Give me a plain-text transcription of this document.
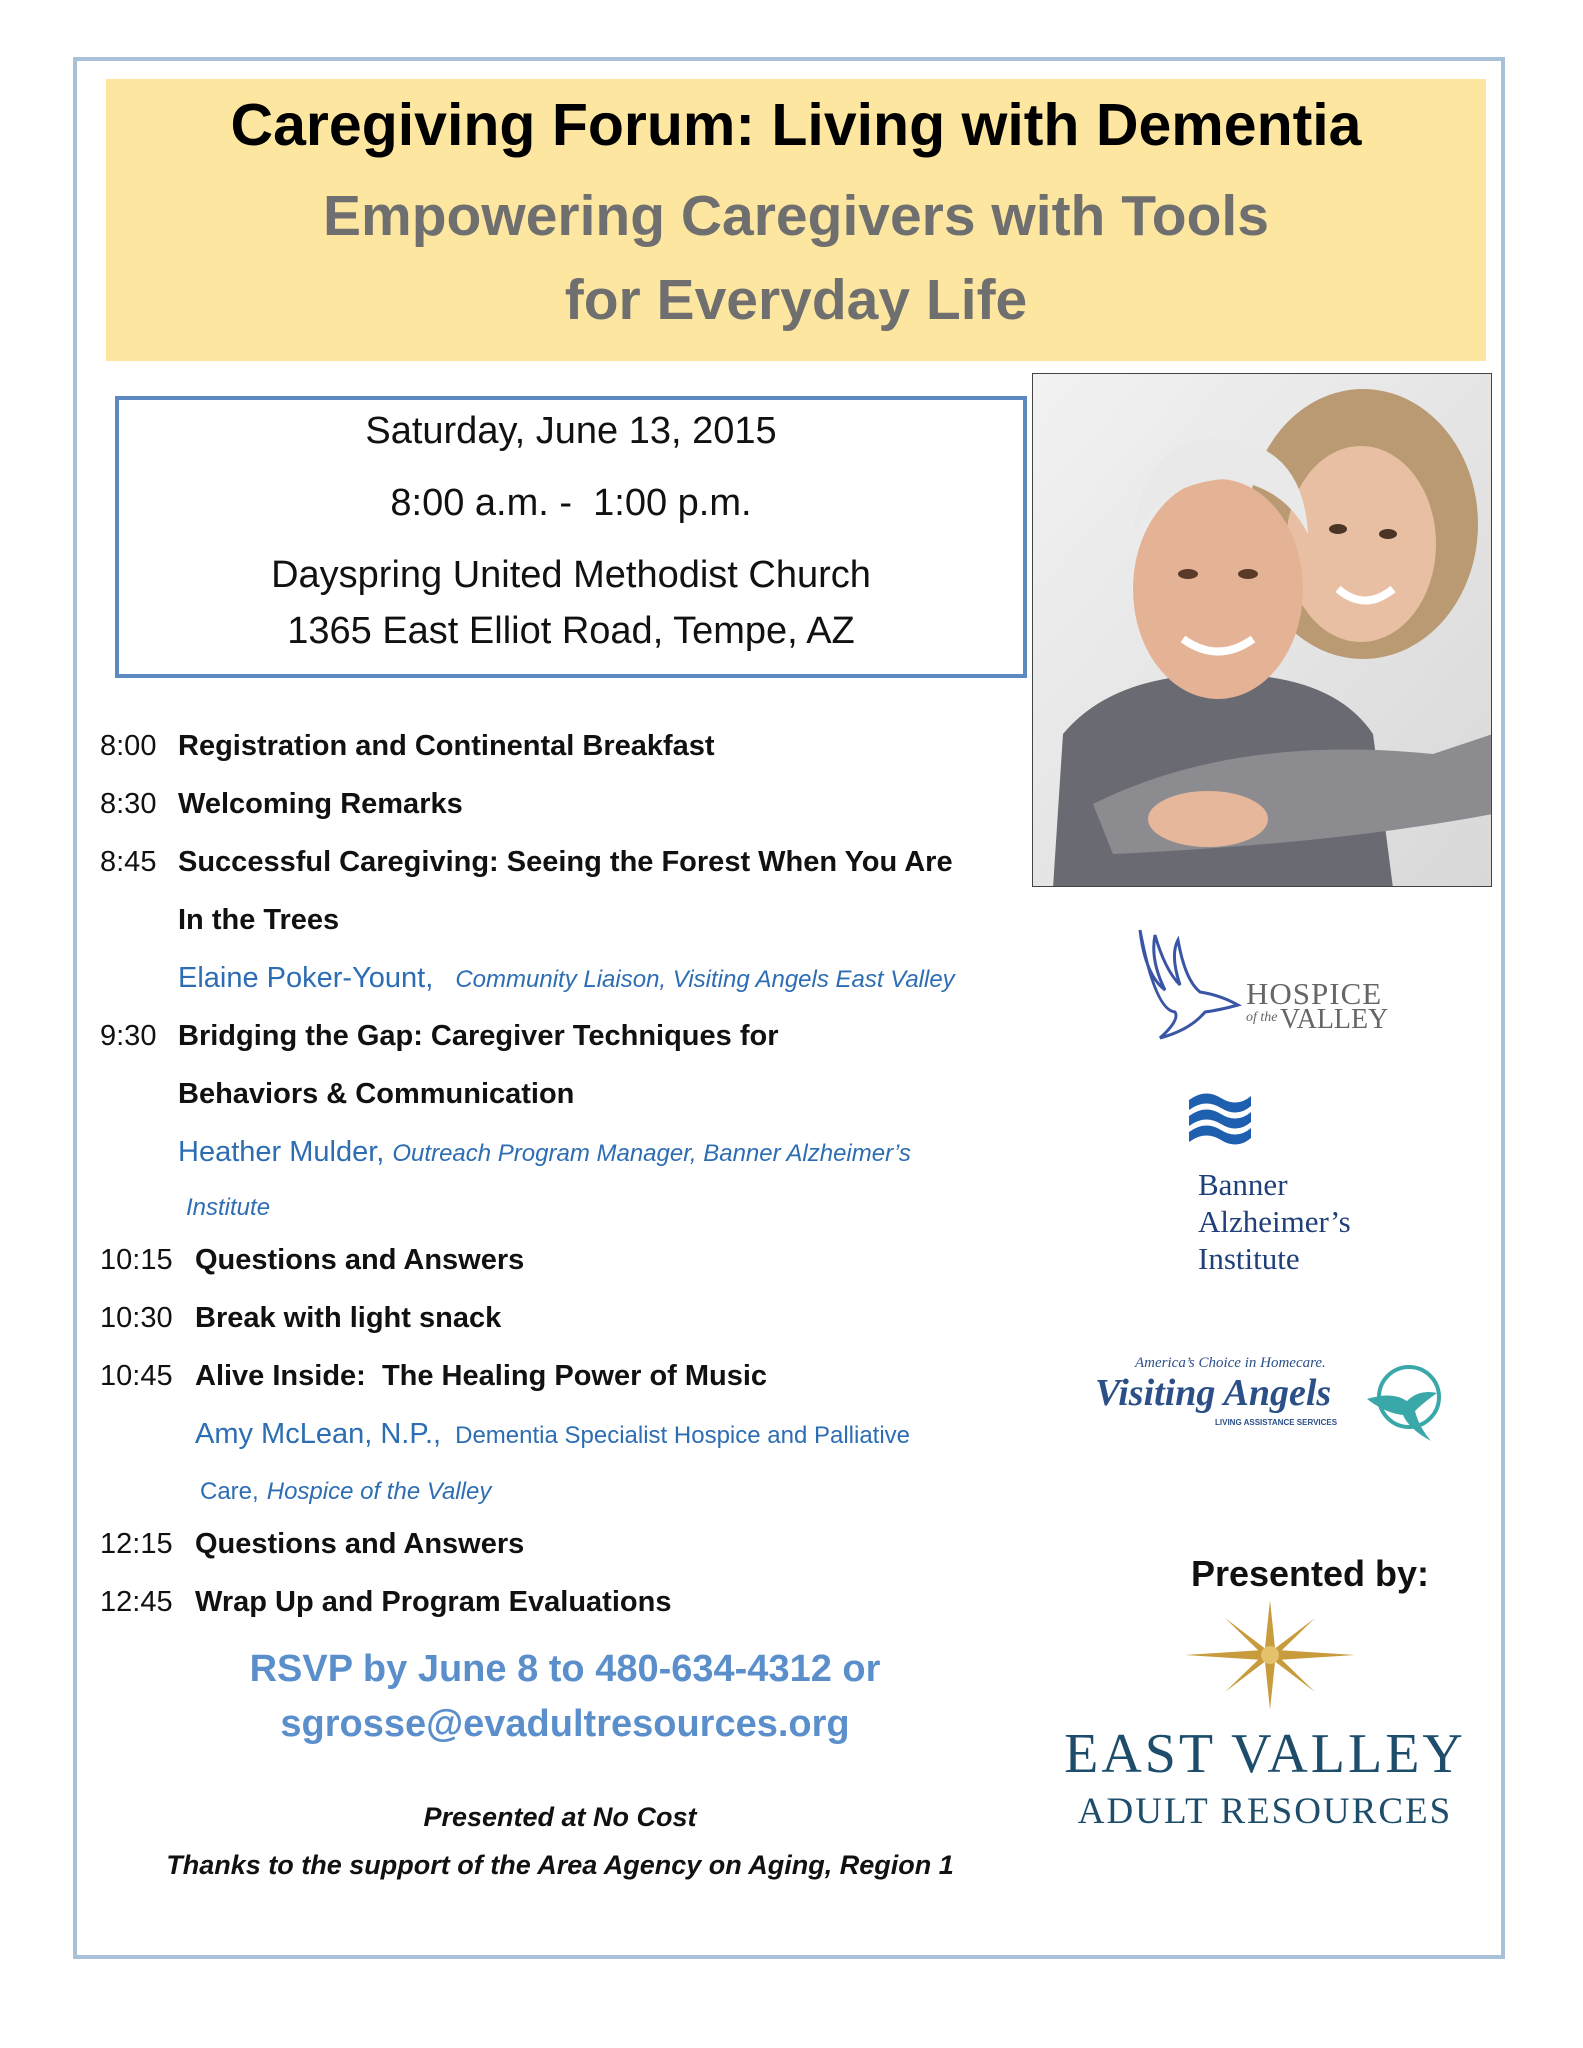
Caregiving Forum: Living with Dementia
Empowering Caregivers with Tools
for Everyday Life
Saturday, June 13, 2015
8:00 a.m. -  1:00 p.m.
Dayspring United Methodist Church
1365 East Elliot Road, Tempe, AZ
8:00 Registration and Continental Breakfast
8:30 Welcoming Remarks
8:45 Successful Caregiving: Seeing the Forest When You Are
In the Trees
Elaine Poker-Yount, Community Liaison, Visiting Angels East Valley
9:30 Bridging the Gap: Caregiver Techniques for
Behaviors & Communication
Heather Mulder, Outreach Program Manager, Banner Alzheimer’s
Institute
10:15 Questions and Answers
10:30 Break with light snack
10:45 Alive Inside:  The Healing Power of Music
Amy McLean, N.P., Dementia Specialist Hospice and Palliative
Care, Hospice of the Valley
12:15 Questions and Answers
12:45 Wrap Up and Program Evaluations
RSVP by June 8 to 480-634-4312 or
sgrosse@evadultresources.org
Presented at No Cost
Thanks to the support of the Area Agency on Aging, Region 1
HOSPICE
of the VALLEY
Banner
Alzheimer’s
Institute
America’s Choice in Homecare.
Visiting Angels
LIVING ASSISTANCE SERVICES
Presented by:
EAST VALLEY
ADULT RESOURCES
